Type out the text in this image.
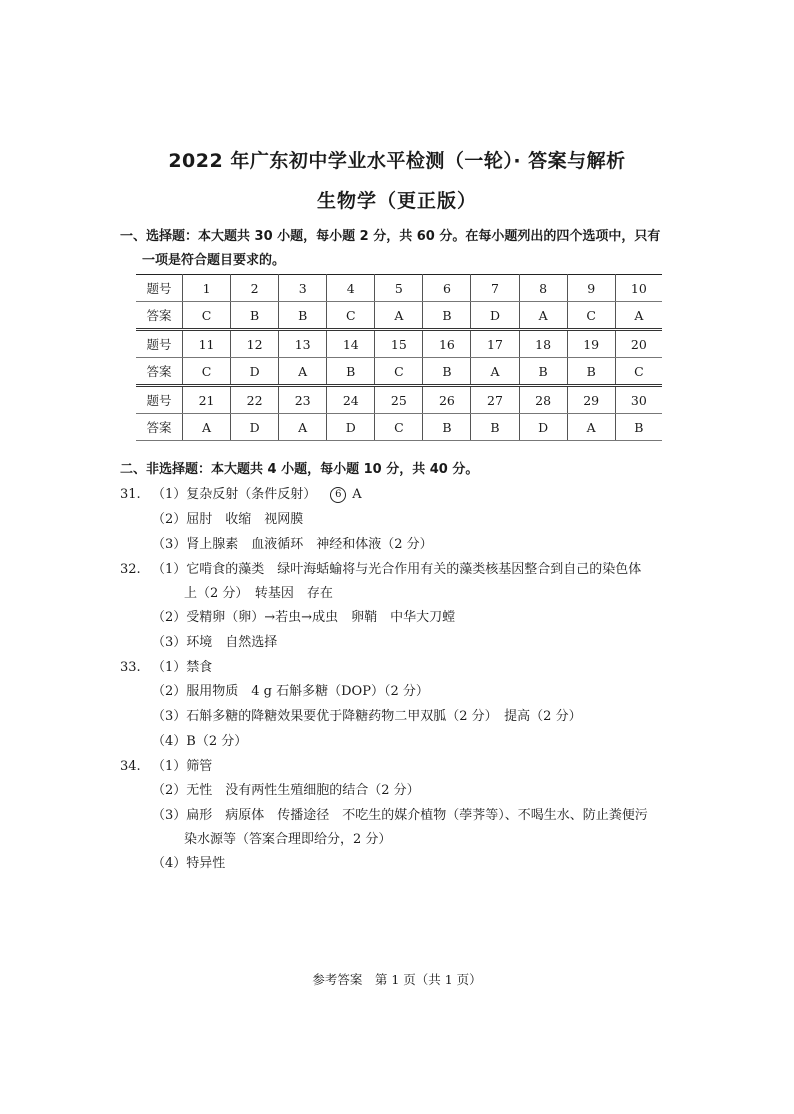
2022 年广东初中学业水平检测（一轮）· 答案与解析
生物学（更正版）
一、选择题：本大题共 30 小题，每小题 2 分，共 60 分。在每小题列出的四个选项中，只有
一项是符合题目要求的。
题号	1	2	3	4	5	6	7	8	9	10
答案	C	B	B	C	A	B	D	A	C	A
题号	11	12	13	14	15	16	17	18	19	20
答案	C	D	A	B	C	B	A	B	B	C
题号	21	22	23	24	25	26	27	28	29	30
答案	A	D	A	D	C	B	B	D	A	B
二、非选择题：本大题共 4 小题，每小题 10 分，共 40 分。
31. （1）复杂反射（条件反射） 6 A
（2）屈肘　收缩　视网膜
（3）肾上腺素　血液循环　神经和体液（2 分）
32. （1）它啃食的藻类　绿叶海蛞蝓将与光合作用有关的藻类核基因整合到自己的染色体
上（2 分）　转基因　存在
（2）受精卵（卵）→若虫→成虫　卵鞘　中华大刀螳
（3）环境　自然选择
33. （1）禁食
（2）服用物质　4 g 石斛多糖（DOP）（2 分）
（3）石斛多糖的降糖效果要优于降糖药物二甲双胍（2 分）　提高（2 分）
（4）B（2 分）
34. （1）筛管
（2）无性　没有两性生殖细胞的结合（2 分）
（3）扁形　病原体　传播途径　不吃生的媒介植物（荸荠等）、不喝生水、防止粪便污
染水源等（答案合理即给分，2 分）
（4）特异性
参考答案　第 1 页（共 1 页）
